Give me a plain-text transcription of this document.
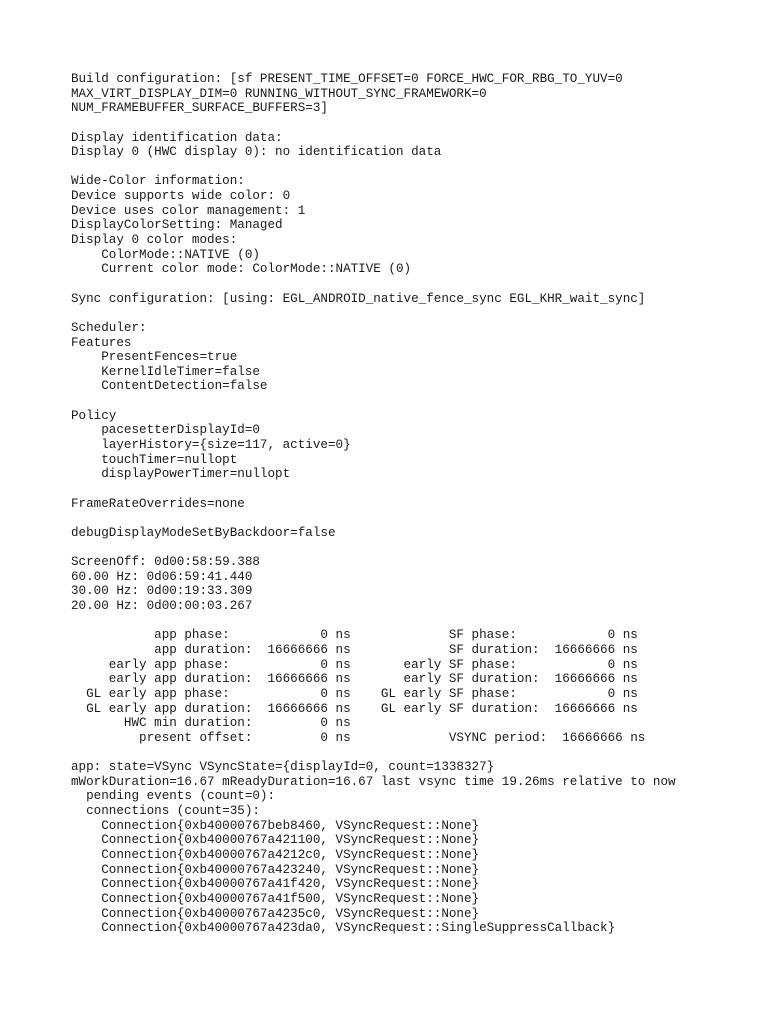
Build configuration: [sf PRESENT_TIME_OFFSET=0 FORCE_HWC_FOR_RBG_TO_YUV=0
MAX_VIRT_DISPLAY_DIM=0 RUNNING_WITHOUT_SYNC_FRAMEWORK=0
NUM_FRAMEBUFFER_SURFACE_BUFFERS=3]
Display identification data:
Display 0 (HWC display 0): no identification data
Wide-Color information:
Device supports wide color: 0
Device uses color management: 1
DisplayColorSetting: Managed
Display 0 color modes:
ColorMode::NATIVE (0)
Current color mode: ColorMode::NATIVE (0)
Sync configuration: [using: EGL_ANDROID_native_fence_sync EGL_KHR_wait_sync]
Scheduler:
Features
PresentFences=true
KernelIdleTimer=false
ContentDetection=false
Policy
pacesetterDisplayId=0
layerHistory={size=117, active=0}
touchTimer=nullopt
displayPowerTimer=nullopt
FrameRateOverrides=none
debugDisplayModeSetByBackdoor=false
ScreenOff: 0d00:58:59.388
60.00 Hz: 0d06:59:41.440
30.00 Hz: 0d00:19:33.309
20.00 Hz: 0d00:00:03.267
app phase:            0 ns             SF phase:            0 ns
app duration:  16666666 ns             SF duration:  16666666 ns
early app phase:            0 ns       early SF phase:            0 ns
early app duration:  16666666 ns       early SF duration:  16666666 ns
GL early app phase:            0 ns    GL early SF phase:            0 ns
GL early app duration:  16666666 ns    GL early SF duration:  16666666 ns
HWC min duration:         0 ns
present offset:         0 ns             VSYNC period:  16666666 ns
app: state=VSync VSyncState={displayId=0, count=1338327}
mWorkDuration=16.67 mReadyDuration=16.67 last vsync time 19.26ms relative to now
pending events (count=0):
connections (count=35):
Connection{0xb40000767beb8460, VSyncRequest::None}
Connection{0xb40000767a421100, VSyncRequest::None}
Connection{0xb40000767a4212c0, VSyncRequest::None}
Connection{0xb40000767a423240, VSyncRequest::None}
Connection{0xb40000767a41f420, VSyncRequest::None}
Connection{0xb40000767a41f500, VSyncRequest::None}
Connection{0xb40000767a4235c0, VSyncRequest::None}
Connection{0xb40000767a423da0, VSyncRequest::SingleSuppressCallback}
